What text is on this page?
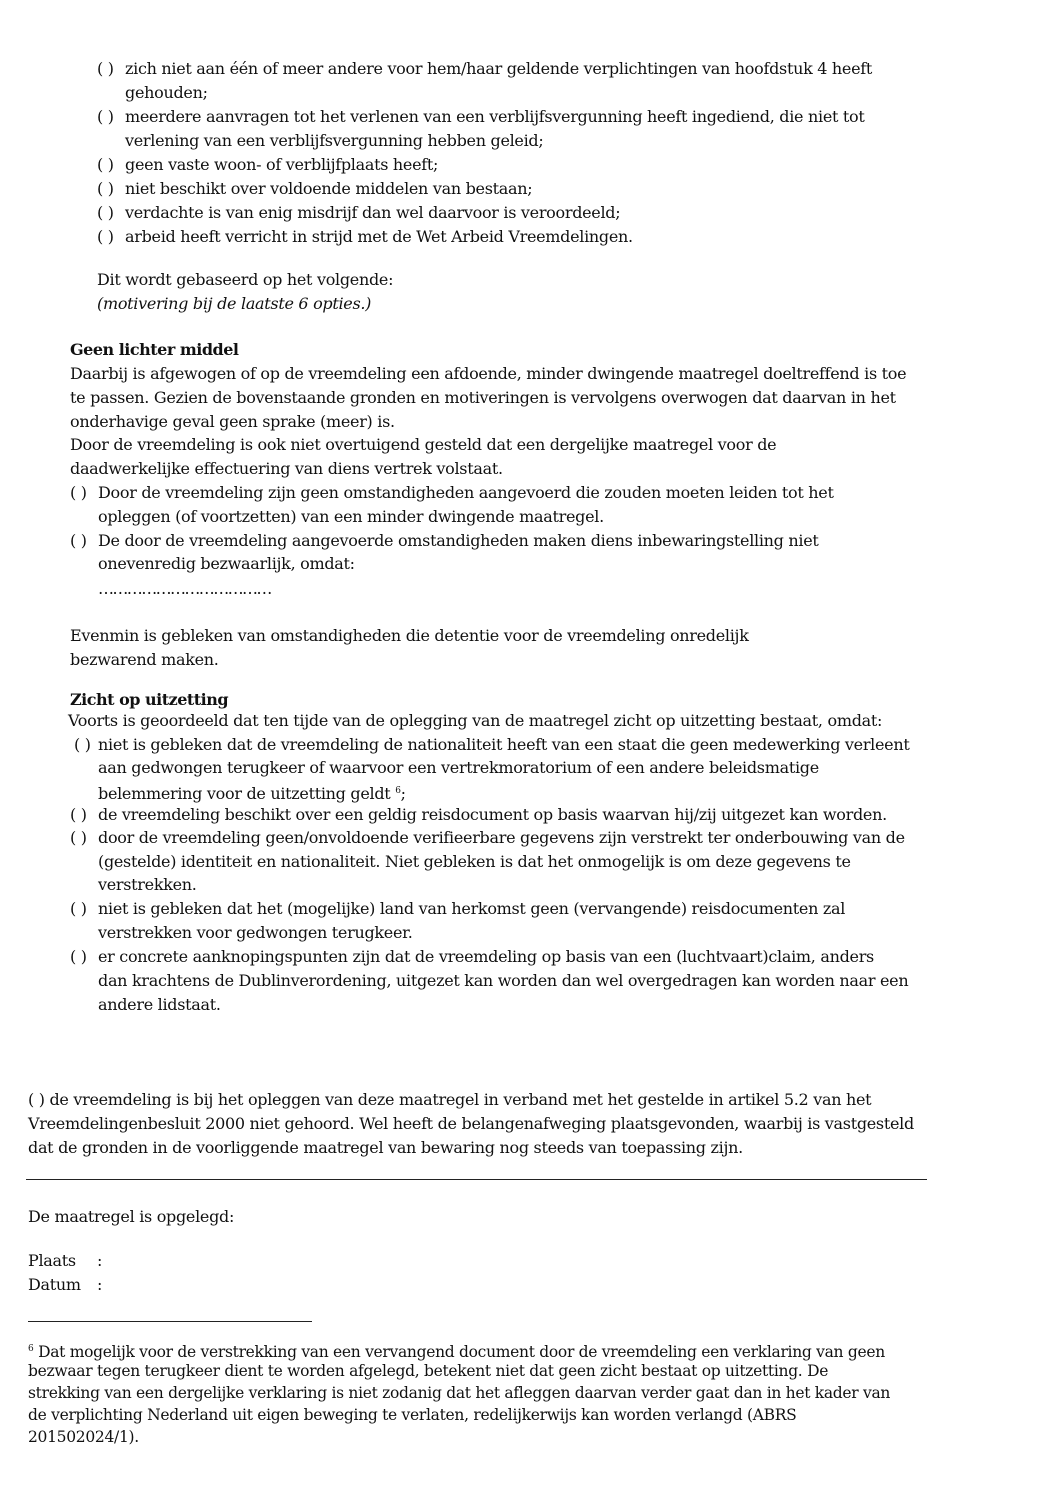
( ) zich niet aan één of meer andere voor hem/haar geldende verplichtingen van hoofdstuk 4 heeft
gehouden;
( ) meerdere aanvragen tot het verlenen van een verblijfsvergunning heeft ingediend, die niet tot
verlening van een verblijfsvergunning hebben geleid;
( ) geen vaste woon- of verblijfplaats heeft;
( ) niet beschikt over voldoende middelen van bestaan;
( ) verdachte is van enig misdrijf dan wel daarvoor is veroordeeld;
( ) arbeid heeft verricht in strijd met de Wet Arbeid Vreemdelingen.
Dit wordt gebaseerd op het volgende:
(motivering bij de laatste 6 opties.)
Geen lichter middel
Daarbij is afgewogen of op de vreemdeling een afdoende, minder dwingende maatregel doeltreffend is toe
te passen. Gezien de bovenstaande gronden en motiveringen is vervolgens overwogen dat daarvan in het
onderhavige geval geen sprake (meer) is.
Door de vreemdeling is ook niet overtuigend gesteld dat een dergelijke maatregel voor de
daadwerkelijke effectuering van diens vertrek volstaat.
( ) Door de vreemdeling zijn geen omstandigheden aangevoerd die zouden moeten leiden tot het
opleggen (of voortzetten) van een minder dwingende maatregel.
( ) De door de vreemdeling aangevoerde omstandigheden maken diens inbewaringstelling niet
onevenredig bezwaarlijk, omdat:
………………………………
Evenmin is gebleken van omstandigheden die detentie voor de vreemdeling onredelijk
bezwarend maken.
Zicht op uitzetting
Voorts is geoordeeld dat ten tijde van de oplegging van de maatregel zicht op uitzetting bestaat, omdat:
( ) niet is gebleken dat de vreemdeling de nationaliteit heeft van een staat die geen medewerking verleent
aan gedwongen terugkeer of waarvoor een vertrekmoratorium of een andere beleidsmatige
belemmering voor de uitzetting geldt $^6$;
( ) de vreemdeling beschikt over een geldig reisdocument op basis waarvan hij/zij uitgezet kan worden.
( ) door de vreemdeling geen/onvoldoende verifieerbare gegevens zijn verstrekt ter onderbouwing van de
(gestelde) identiteit en nationaliteit. Niet gebleken is dat het onmogelijk is om deze gegevens te
verstrekken.
( ) niet is gebleken dat het (mogelijke) land van herkomst geen (vervangende) reisdocumenten zal
verstrekken voor gedwongen terugkeer.
( ) er concrete aanknopingspunten zijn dat de vreemdeling op basis van een (luchtvaart)claim, anders
dan krachtens de Dublinverordening, uitgezet kan worden dan wel overgedragen kan worden naar een
andere lidstaat.
( ) de vreemdeling is bij het opleggen van deze maatregel in verband met het gestelde in artikel 5.2 van het
Vreemdelingenbesluit 2000 niet gehoord. Wel heeft de belangenafweging plaatsgevonden, waarbij is vastgesteld
dat de gronden in de voorliggende maatregel van bewaring nog steeds van toepassing zijn.
De maatregel is opgelegd:
Plaats :
Datum :
$^6$ Dat mogelijk voor de verstrekking van een vervangend document door de vreemdeling een verklaring van geen
bezwaar tegen terugkeer dient te worden afgelegd, betekent niet dat geen zicht bestaat op uitzetting. De
strekking van een dergelijke verklaring is niet zodanig dat het afleggen daarvan verder gaat dan in het kader van
de verplichting Nederland uit eigen beweging te verlaten, redelijkerwijs kan worden verlangd (ABRS
201502024/1).
